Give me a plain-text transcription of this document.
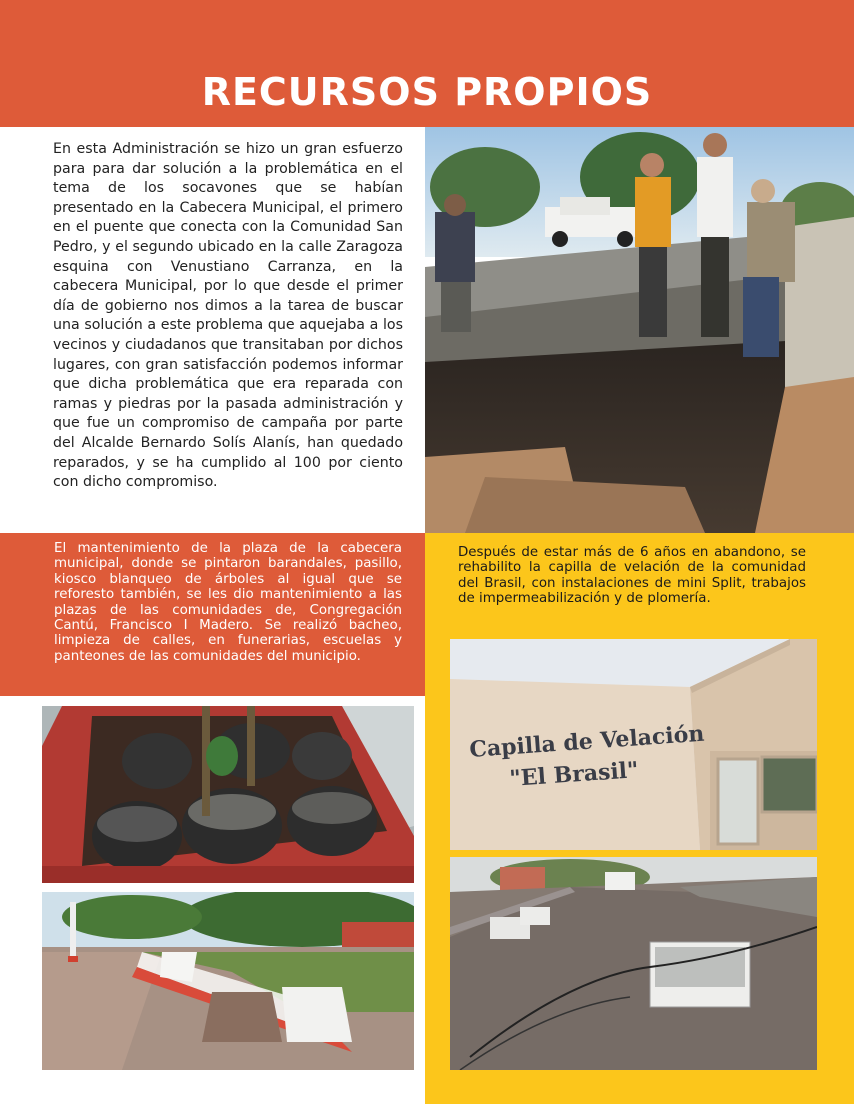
RECURSOS PROPIOS

En esta Administración se hizo un gran esfuerzo para para dar solución a la problemática en el tema de los socavones que se habían presentado en la Cabecera Municipal, el primero en el puente que conecta con la Comunidad San Pedro, y el segundo ubicado en la calle Zaragoza esquina con Venustiano Carranza, en la cabecera Municipal, por lo que desde el primer día de gobierno nos dimos a la tarea de buscar una solución a este problema que aquejaba a los vecinos y ciudadanos que transitaban por dichos lugares, con gran satisfacción podemos informar que dicha problemática que era reparada con ramas y piedras por la pasada administración y que fue un compromiso de campaña por parte del Alcalde Bernardo Solís Alanís, han quedado reparados, y se ha cumplido al 100 por ciento con dicho compromiso.

El mantenimiento de la plaza de la cabecera municipal, donde se pintaron barandales, pasillo, kiosco blanqueo de árboles al igual que se reforesto también, se les dio mantenimiento a las plazas de las comunidades de, Congregación Cantú, Francisco I Madero. Se realizó bacheo, limpieza de calles, en funerarias, escuelas y panteones de las comunidades del municipio.

Después de estar más de 6 años en abandono, se rehabilito la capilla de velación de la comunidad del Brasil, con instalaciones de mini Split, trabajos de impermeabilización y de plomería.

Capilla de Velación
"El Brasil"
